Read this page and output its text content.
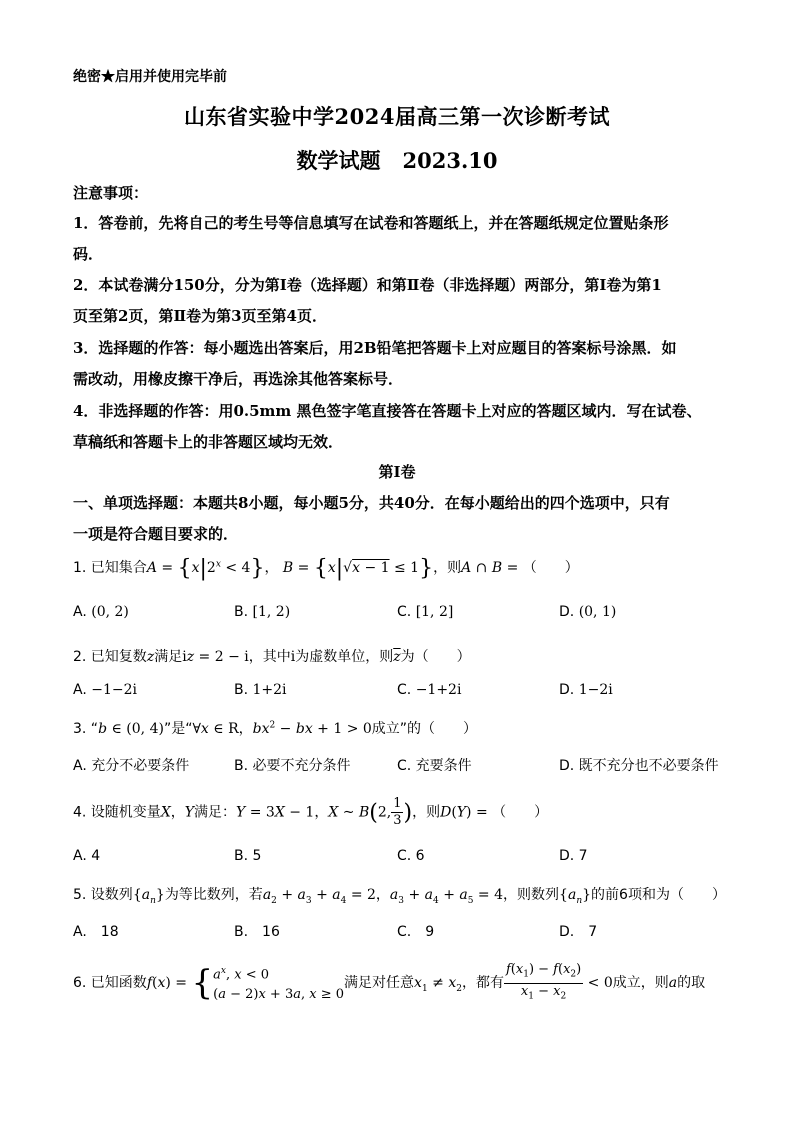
绝密★启用并使用完毕前
山东省实验中学2024届高三第一次诊断考试
数学试题 2023.10
注意事项：
1．答卷前，先将自己的考生号等信息填写在试卷和答题纸上，并在答题纸规定位置贴条形
码．
2．本试卷满分150分，分为第Ⅰ卷（选择题）和第Ⅱ卷（非选择题）两部分，第Ⅰ卷为第1
页至第2页，第Ⅱ卷为第3页至第4页．
3．选择题的作答：每小题选出答案后，用2B铅笔把答题卡上对应题目的答案标号涂黑．如
需改动，用橡皮擦干净后，再选涂其他答案标号．
4．非选择题的作答：用0.5mm 黑色签字笔直接答在答题卡上对应的答题区域内．写在试卷、
草稿纸和答题卡上的非答题区域均无效．
第Ⅰ卷
一、单项选择题：本题共8小题，每小题5分，共40分．在每小题给出的四个选项中，只有
一项是符合题目要求的．
1. 已知集合$A = \{x|2^x < 4\}$， B = {x|√x − 1 ≤ 1}，则A ∩ B = （　　）
A. (0, 2)	B. [1, 2)	C. [1, 2]	D. (0, 1)
2. 已知复数z满足iz = 2 − i，其中i为虚数单位，则$\overline{z}$为（　　）
A. −1−2i	B. 1+2i	C. −1+2i	D. 1−2i
3. “b ∈ (0, 4)”是“∀x ∈ R，$bx^2$ − bx + 1 > 0成立”的（　　）
A. 充分不必要条件	B. 必要不充分条件	C. 充要条件	D. 既不充分也不必要条件
4. 设随机变量X，Y满足：Y = 3X − 1，X ~ B(2, $\frac{1}{3}$ )，则D(Y) = （　　）
A. 4	B. 5	C. 6	D. 7
5. 设数列$\{a_n\}$为等比数列，若$a_2 + a_3 + a_4 = 2$，$a_3 + a_4 + a_5 = 4$，则数列$\{a_n\}$的前6项和为（　　）
A.　18	B.　16	C.　9	D.　7
6. 已知函数f(x) = { $a^x$, x < 0
(a − 2)x + 3a, x ≥ 0
满足对任意$x_1 \ne x_2$，都有 $\frac{f(x_1) - f(x_2)}{x_1 - x_2} < 0$成立，则a的取
